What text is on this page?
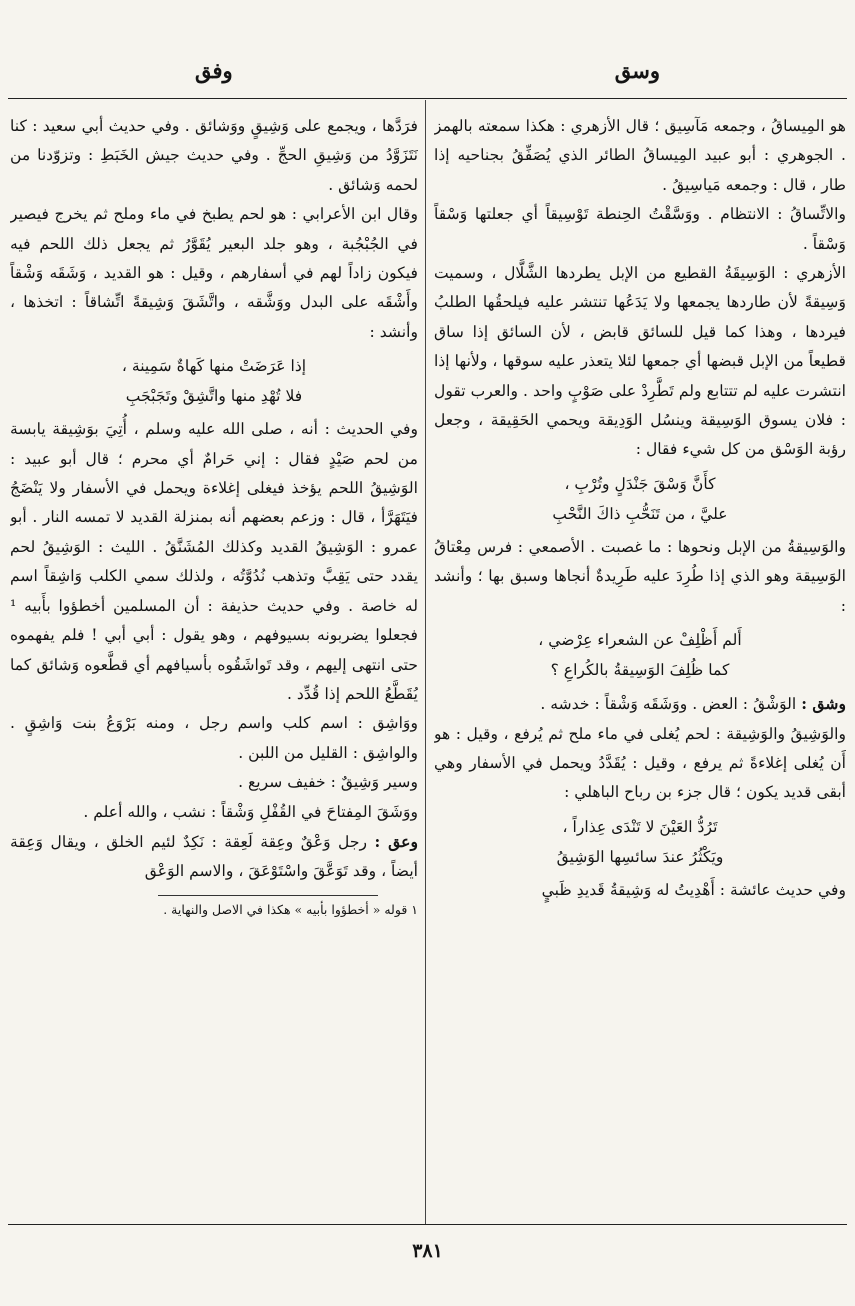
وسق
وفق

هو المِيساقُ ، وجمعه مَآسِيق ؛ قال الأزهري : هكذا سمعته بالهمز . الجوهري : أبو عبيد المِيساقُ الطائر الذي يُصَفِّقُ بجناحيه إذا طار ، قال : وجمعه مَياسِيقُ .

والاتِّساقُ : الانتظام . ووَسَّقْتُ الحِنطة تَوْسِيقاً أي جعلتها وَسْقاً وَسْقاً .

الأزهري : الوَسِيقَةُ القطيع من الإبل يطردها الشَّلَّال ، وسميت وَسِيقةً لأن طاردها يجمعها ولا يَدَعُها تنتشر عليه فيلحقُها الطلبُ فيردها ، وهذا كما قيل للسائق قابض ، لأن السائق إذا ساق قطيعاً من الإبل قبضها أي جمعها لئلا يتعذر عليه سوقها ، ولأنها إذا انتشرت عليه لم تتتابع ولم تَطَّرِدْ على صَوْبٍ واحد . والعرب تقول : فلان يسوق الوَسِيقة وينسُل الوَدِيقة ويحمي الحَقِيقة ، وجعل رؤبة الوَسْق من كل شيء فقال :

كأَنَّ وَسْقَ جَنْدَلٍ وتُرْبِ ،
عليَّ ، من تَنَحُّبِ ذاكَ النَّحْبِ

والوَسِيقةُ من الإبل ونحوها : ما غصبت . الأصمعي : فرس مِعْتاقُ الوَسِيقة وهو الذي إذا طُرِدَ عليه طَرِيدةٌ أنجاها وسبق بها ؛ وأنشد :

أَلم أَظْلِفْ عن الشعراء عِرْضي ،
كما ظُلِفَ الوَسِيقةُ بالكُراعِ ؟

وشق : الوَشْقُ : العض . ووَشَقَه وَشْقاً : خدشه .

والوَشِيقُ والوَشِيقة : لحم يُغلى في ماء ملح ثم يُرفع ، وقيل : هو أَن يُغلى إغلاءةً ثم يرفع ، وقيل : يُقَدَّدُ ويحمل في الأسفار وهي أبقى قديد يكون ؛ قال جزء بن رباح الباهلي :

تَرُدُّ العَيْنَ لا تَنْدَى عِذاراً ،
ويَكْثُرُ عندَ سائسِها الوَشِيقُ

وفي حديث عائشة : أَهْدِيتُ له وَشِيقةُ قَديدِ ظَبيٍ

فرَدَّها ، ويجمع على وَشِيقٍ ووَشائق . وفي حديث أبي سعيد : كنا نَتَزَوَّدُ من وَشِيقِ الحجِّ . وفي حديث جيش الخَبَطِ : وتزوّدنا من لحمه وَشائق .

وقال ابن الأعرابي : هو لحم يطبخ في ماء وملح ثم يخرج فيصير في الجُبْجُبة ، وهو جلد البعير يُقَوَّرُ ثم يجعل ذلك اللحم فيه فيكون زاداً لهم في أسفارهم ، وقيل : هو القديد ، وَشَقَه وَشْقاً وأَشْقَه على البدل ووَشَّقه ، واتَّشَقَ وَشِيقةً اتِّشاقاً : اتخذها ، وأنشد :

إذا عَرَضَتْ منها كَهاةٌ سَمِينة ،
فلا تُهْدِ منها واتَّشِقْ وتَجَبْجَبِ

وفي الحديث : أنه ، صلى الله عليه وسلم ، أُتِيَ بوَشِيقة يابسة من لحم صَيْدٍ فقال : إني حَرامٌ أي محرم ؛ قال أبو عبيد : الوَشِيقُ اللحم يؤخذ فيغلى إغلاءة ويحمل في الأسفار ولا يَنْضَجُ فيَتَهَرَّأ ، قال : وزعم بعضهم أنه بمنزلة القديد لا تمسه النار . أبو عمرو : الوَشِيقُ القديد وكذلك المُشَنَّقُ . الليث : الوَشِيقُ لحم يقدد حتى يَقِبَّ وتذهب نُدُوَّتُه ، ولذلك سمي الكلب وَاشِقاً اسم له خاصة . وفي حديث حذيفة : أن المسلمين أخطؤوا بأَبيه ¹ فجعلوا يضربونه بسيوفهم ، وهو يقول : أبي أبي ! فلم يفهموه حتى انتهى إليهم ، وقد تَواشَقُوه بأسيافهم أي قطَّعوه وَشائق كما يُقَطَّعُ اللحم إذا قُدِّد .

ووَاشِق : اسم كلب واسم رجل ، ومنه بَرْوَعُ بنت وَاشِقٍ . والواشِق : القليل من اللبن .

وسير وَشِيقٌ : خفيف سريع .

ووَشَقَ المِفتاحَ في القُفْلِ وَشْقاً : نشب ، والله أعلم .

وعق : رجل وَعْقٌ وعِقة لَعِقة : نَكِدٌ لئيم الخلق ، ويقال وَعِقة أيضاً ، وقد تَوَعَّقَ واسْتَوْعَقَ ، والاسم الوَعْق

١ قوله « أخطؤوا بأبيه » هكذا في الاصل والنهاية .

٣٨١
